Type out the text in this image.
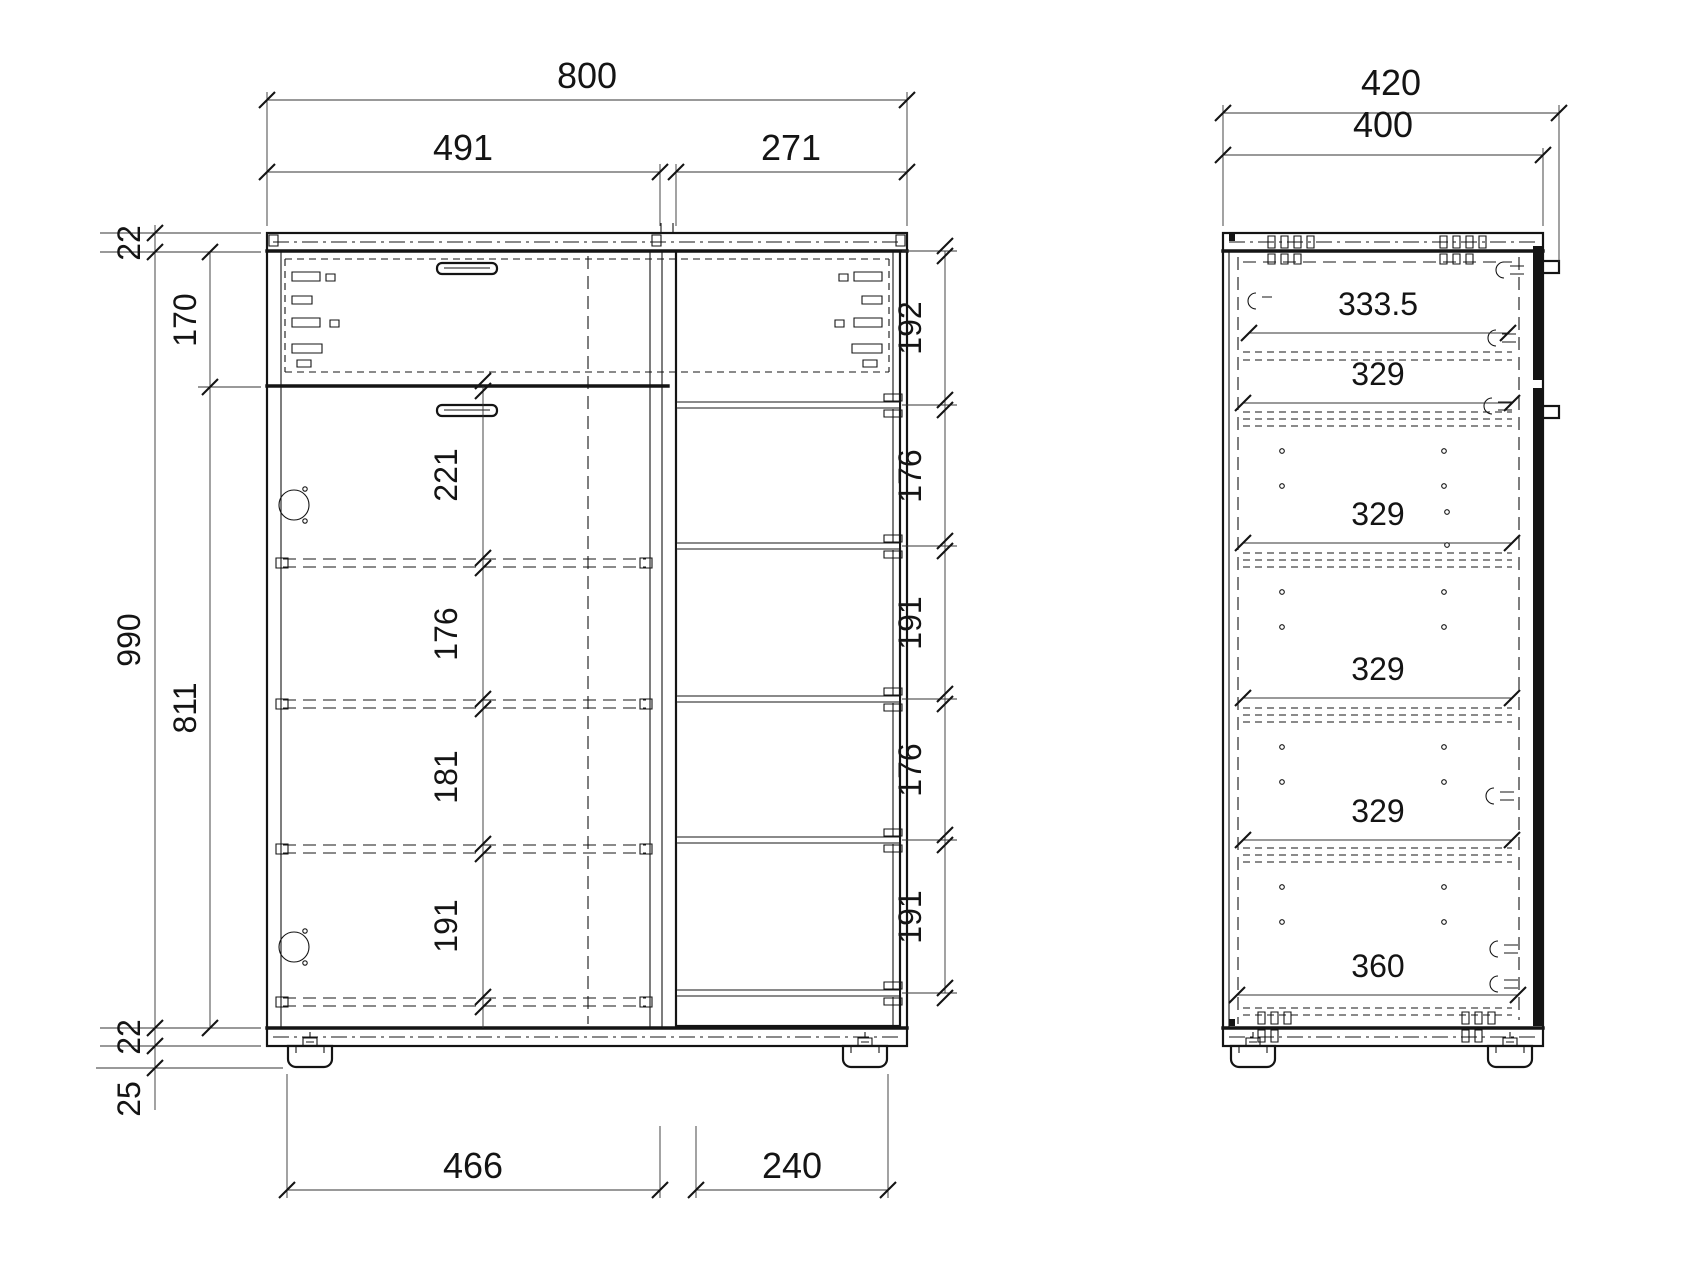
800
491	271
466	240
22
170
990
811
22
25
221
176
181
191
192
176
191
176
191
420
400
333.5
329
329
329
329
360
